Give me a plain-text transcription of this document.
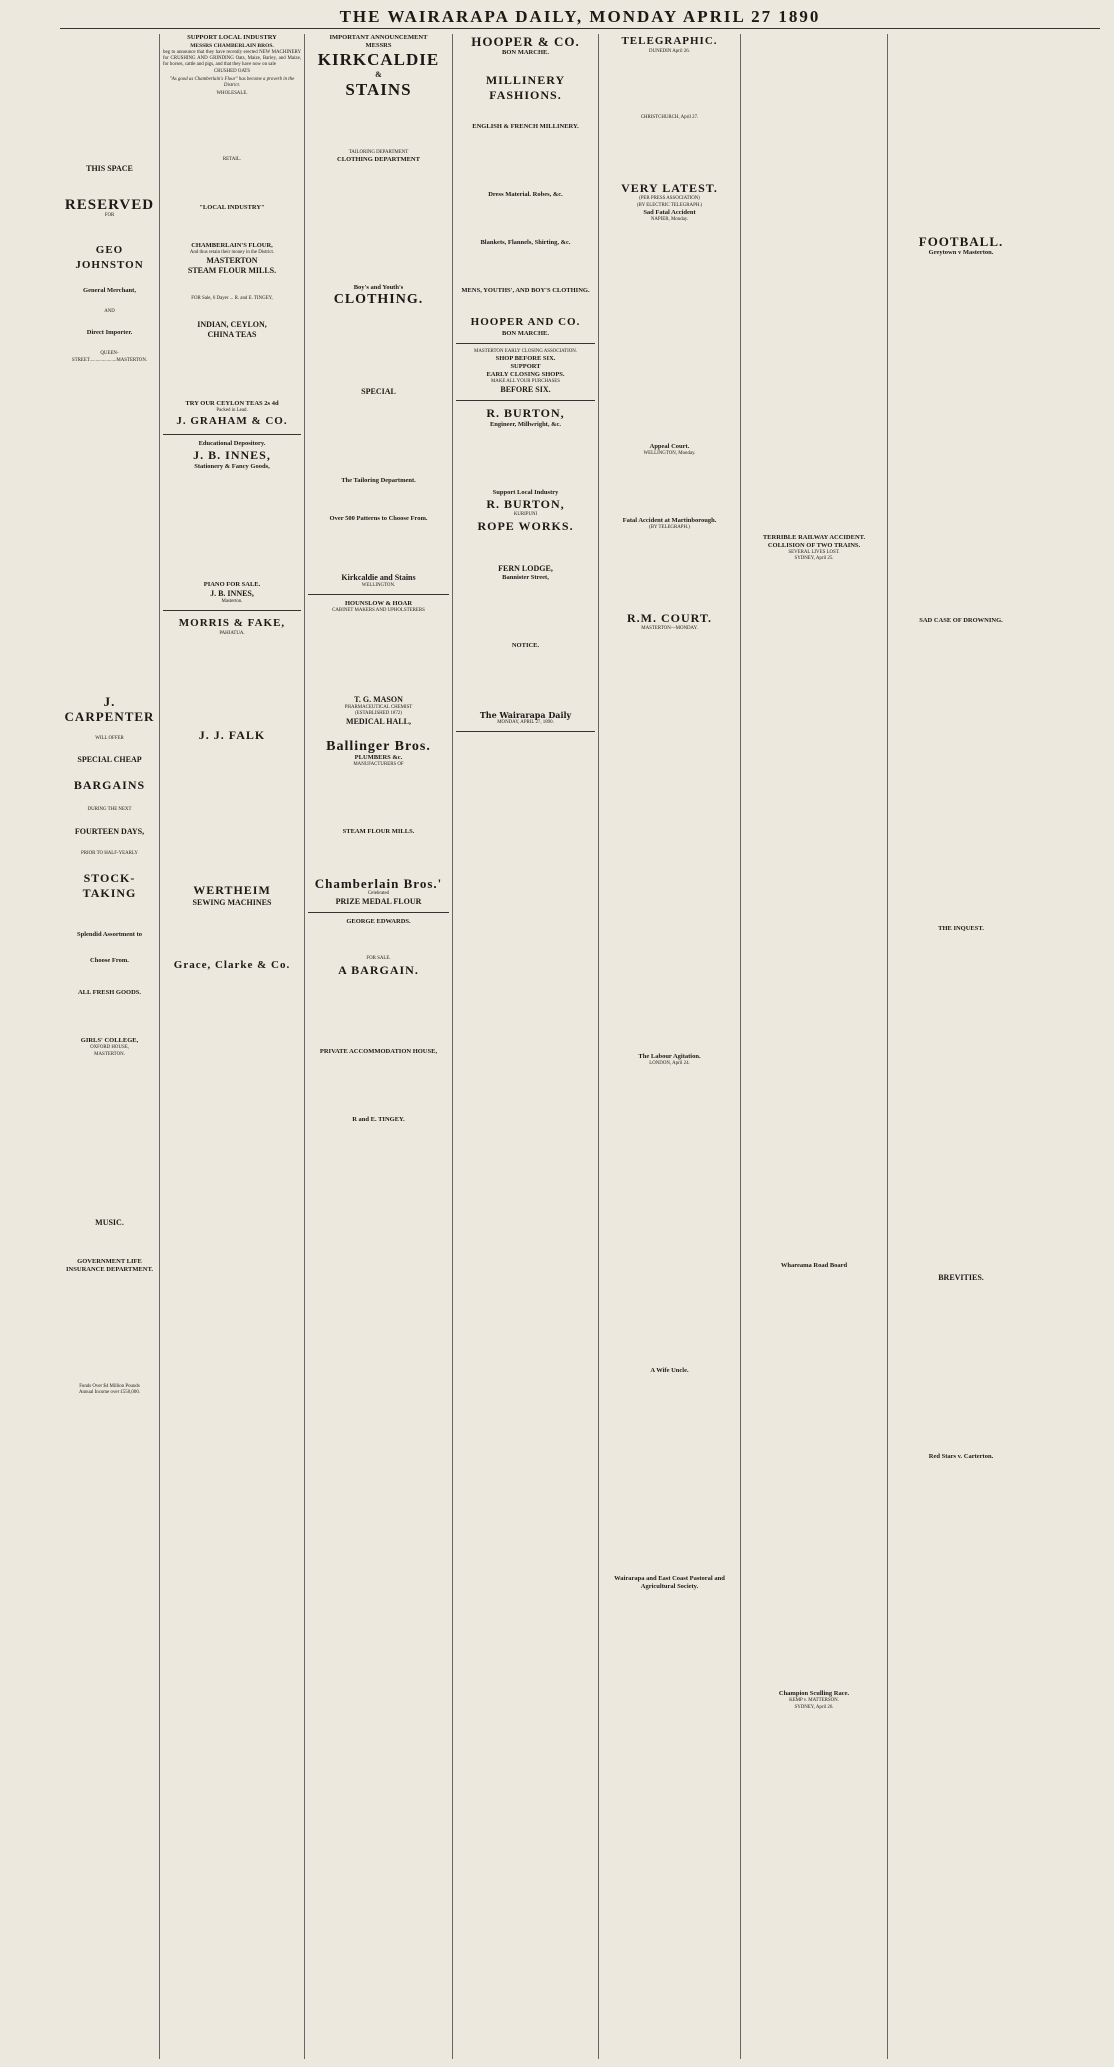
THE WAIRARAPA DAILY, MONDAY APRIL 27 1890
THIS SPACE
RESERVED
FOR
GEO JOHNSTON
General Merchant,
AND
Direct Importer.
QUEEN-STREET......................MASTERTON.
J. CARPENTER
WILL OFFER
SPECIAL CHEAP
BARGAINS
DURING THE NEXT
FOURTEEN DAYS,
PRIOR TO HALF-YEARLY
STOCK-TAKING
Splendid Assortment to
Choose From.
ALL FRESH GOODS.
GIRLS' COLLEGE,
OXFORD HOUSE,
MASTERTON.
MUSIC.
GOVERNMENT LIFE INSURANCE DEPARTMENT.
Funds Over $4 Million Pounds
Annual Income over £550,000.
SUPPORT LOCAL INDUSTRY
MESSRS CHAMBERLAIN BROS.
beg to announce that they have recently erected NEW MACHINERY for CRUSHING AND GRINDING Oats, Maize, Barley, and Maize, for horses, cattle and pigs, and that they have now on sale
CRUSHED OATS
"As good as Chamberlain's Flour" has become a proverb in the District.
WHOLESALE.
RETAIL.
"LOCAL INDUSTRY"
CHAMBERLAIN'S FLOUR,
And thus retain their money in the District.
MASTERTON
STEAM FLOUR MILLS.
FOR Sale, 6 Dayer ... R. and E. TINGEY,
INDIAN, CEYLON,
CHINA TEAS
TRY OUR CEYLON TEAS 2s 4d
Packed in Lead.
J. GRAHAM & CO.
Educational Depository.
J. B. INNES,
Stationery & Fancy Goods,
PIANO FOR SALE.
J. B. INNES,
Masterton.
MORRIS & FAKE,
PAHIATUA.
J. J. FALK
WERTHEIM
SEWING MACHINES
Grace, Clarke & Co.
IMPORTANT ANNOUNCEMENT
MESSRS
KIRKCALDIE
&
STAINS
TAILORING DEPARTMENT
CLOTHING DEPARTMENT
Boy's and Youth's
CLOTHING.
SPECIAL
The Tailoring Department.
Over 500 Patterns to Choose From.
Kirkcaldie and Stains
WELLINGTON.
HOUNSLOW & HOAR
CABINET MAKERS AND UPHOLSTERERS
T. G. MASON
PHARMACEUTICAL CHEMIST
(ESTABLISHED 1872)
MEDICAL HALL,
Ballinger Bros.
PLUMBERS &c.
MANUFACTURERS OF
STEAM FLOUR MILLS.
Chamberlain Bros.'
Celebrated
PRIZE MEDAL FLOUR
GEORGE EDWARDS.
FOR SALE.
A BARGAIN.
PRIVATE ACCOMMODATION HOUSE,
R and E. TINGEY.
HOOPER & CO.
BON MARCHE.
MILLINERY
FASHIONS.
ENGLISH & FRENCH MILLINERY.
Dress Material. Robes, &c.
Blankets, Flannels, Shirting, &c.
MENS, YOUTHS', AND BOY'S CLOTHING.
HOOPER AND CO.
BON MARCHE.
MASTERTON EARLY CLOSING ASSOCIATION.
SHOP BEFORE SIX.
SUPPORT
EARLY CLOSING SHOPS.
MAKE ALL YOUR PURCHASES
BEFORE SIX.
R. BURTON,
Engineer, Millwright, &c.
Support Local Industry
R. BURTON,
KURIPUNI
ROPE WORKS.
FERN LODGE,
Bannister Street,
NOTICE.
The Wairarapa Daily
MONDAY, APRIL 27, 1890.
TELEGRAPHIC.
DUNEDIN April 26.
CHRISTCHURCH, April 27.
VERY LATEST.
(PER PRESS ASSOCIATION)
(BY ELECTRIC TELEGRAPH.)
Sad Fatal Accident
NAPIER, Monday.
Appeal Court.
WELLINGTON, Monday.
Fatal Accident at Martinborough.
(BY TELEGRAPH.)
R.M. COURT.
MASTERTON—MONDAY.
The Labour Agitation.
LONDON, April 24.
A Wife Uncle.
Wairarapa and East Coast Pastoral and Agricultural Society.
TERRIBLE RAILWAY ACCIDENT.
COLLISION OF TWO TRAINS.
SEVERAL LIVES LOST.
SYDNEY, April 25.
Whareama Road Board
Champion Sculling Race.
KEMP v. MATTERSON.
SYDNEY, April 26.
FOOTBALL.
Greytown v Masterton.
SAD CASE OF DROWNING.
THE INQUEST.
BREVITIES.
Red Stars v. Carterton.
